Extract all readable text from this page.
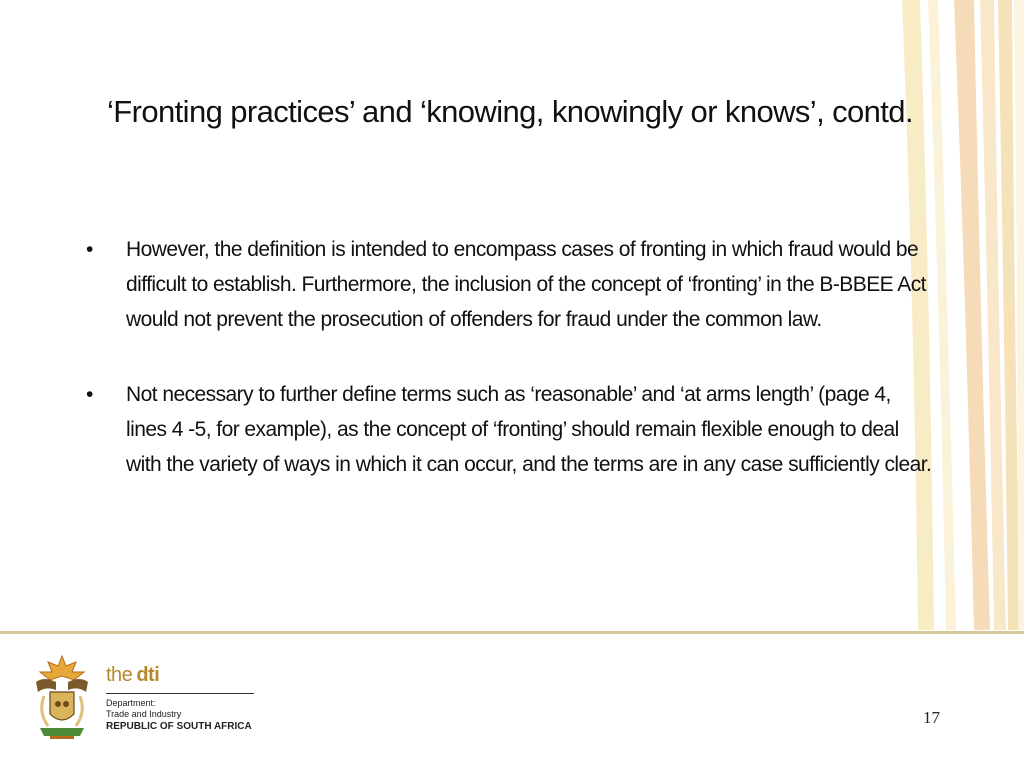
‘Fronting practices’ and ‘knowing, knowingly or knows’, contd.
• However, the definition is intended to encompass cases of fronting in which fraud would be difficult to establish. Furthermore, the inclusion of the concept of ‘fronting’ in the B-BBEE Act would not prevent the prosecution of offenders for fraud under the common law.
• Not necessary to further define terms such as ‘reasonable’ and ‘at arms length’ (page 4, lines 4 -5, for example), as the concept of ‘fronting’ should remain flexible enough to deal with the variety of ways in which it can occur, and the terms are in any case sufficiently clear.
the dti
Department:
Trade and Industry
REPUBLIC OF SOUTH AFRICA	17
